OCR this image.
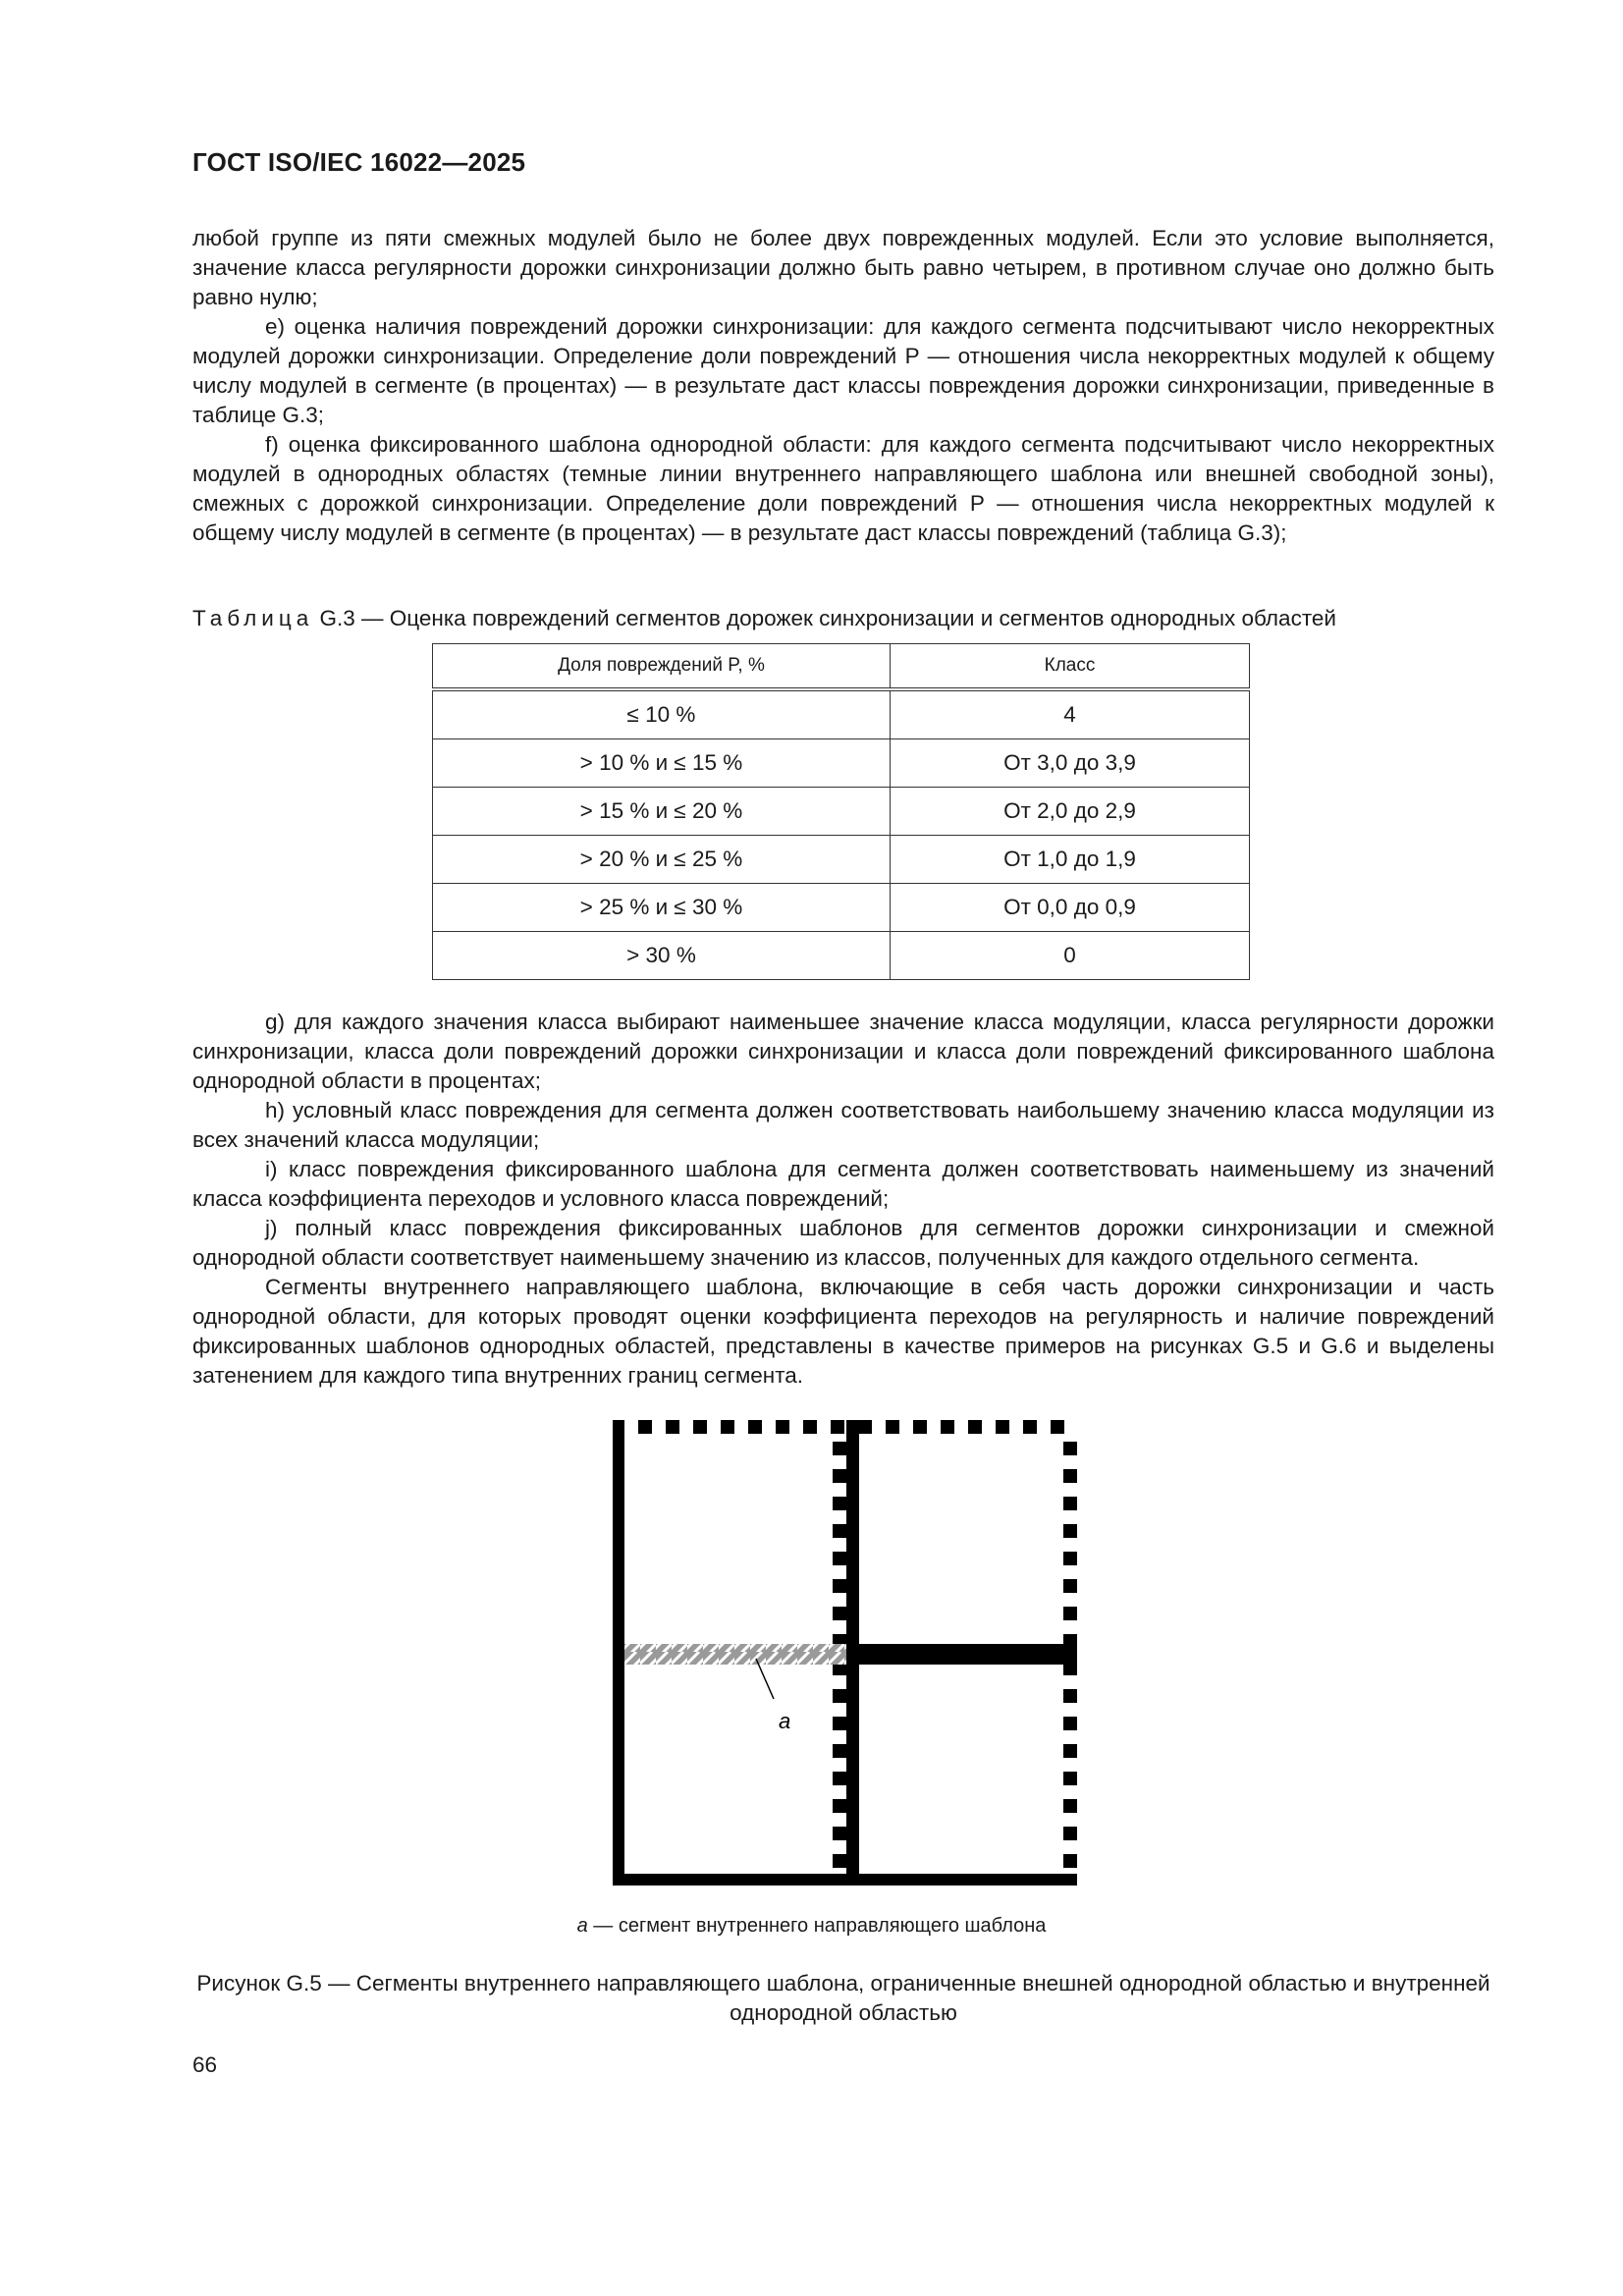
ГОСТ ISO/IEC 16022—2025

любой группе из пяти смежных модулей было не более двух поврежденных модулей. Если это условие выполняется, значение класса регулярности дорожки синхронизации должно быть равно четырем, в противном случае оно должно быть равно нулю;

e) оценка наличия повреждений дорожки синхронизации: для каждого сегмента подсчитывают число некорректных модулей дорожки синхронизации. Определение доли повреждений P — отношения числа некорректных модулей к общему числу модулей в сегменте (в процентах) — в результате даст классы повреждения дорожки синхронизации, приведенные в таблице G.3;

f) оценка фиксированного шаблона однородной области: для каждого сегмента подсчитывают число некорректных модулей в однородных областях (темные линии внутреннего направляющего шаблона или внешней свободной зоны), смежных с дорожкой синхронизации. Определение доли повреждений P — отношения числа некорректных модулей к общему числу модулей в сегменте (в процентах) — в результате даст классы повреждений (таблица G.3);

Таблица G.3 — Оценка повреждений сегментов дорожек синхронизации и сегментов однородных областей
Доля повреждений P, %	Класс
≤ 10 %	4
> 10 % и ≤ 15 %	От 3,0 до 3,9
> 15 % и ≤ 20 %	От 2,0 до 2,9
> 20 % и ≤ 25 %	От 1,0 до 1,9
> 25 % и ≤ 30 %	От 0,0 до 0,9
> 30 %	0

g) для каждого значения класса выбирают наименьшее значение класса модуляции, класса регулярности дорожки синхронизации, класса доли повреждений дорожки синхронизации и класса доли повреждений фиксированного шаблона однородной области в процентах;

h) условный класс повреждения для сегмента должен соответствовать наибольшему значению класса модуляции из всех значений класса модуляции;

i) класс повреждения фиксированного шаблона для сегмента должен соответствовать наименьшему из значений класса коэффициента переходов и условного класса повреждений;

j) полный класс повреждения фиксированных шаблонов для сегментов дорожки синхронизации и смежной однородной области соответствует наименьшему значению из классов, полученных для каждого отдельного сегмента.

Сегменты внутреннего направляющего шаблона, включающие в себя часть дорожки синхронизации и часть однородной области, для которых проводят оценки коэффициента переходов на регулярность и наличие повреждений фиксированных шаблонов однородных областей, представлены в качестве примеров на рисунках G.5 и G.6 и выделены затенением для каждого типа внутренних границ сегмента.

a
a — сегмент внутреннего направляющего шаблона
Рисунок G.5 — Сегменты внутреннего направляющего шаблона, ограниченные внешней однородной областью и внутренней однородной областью
66
